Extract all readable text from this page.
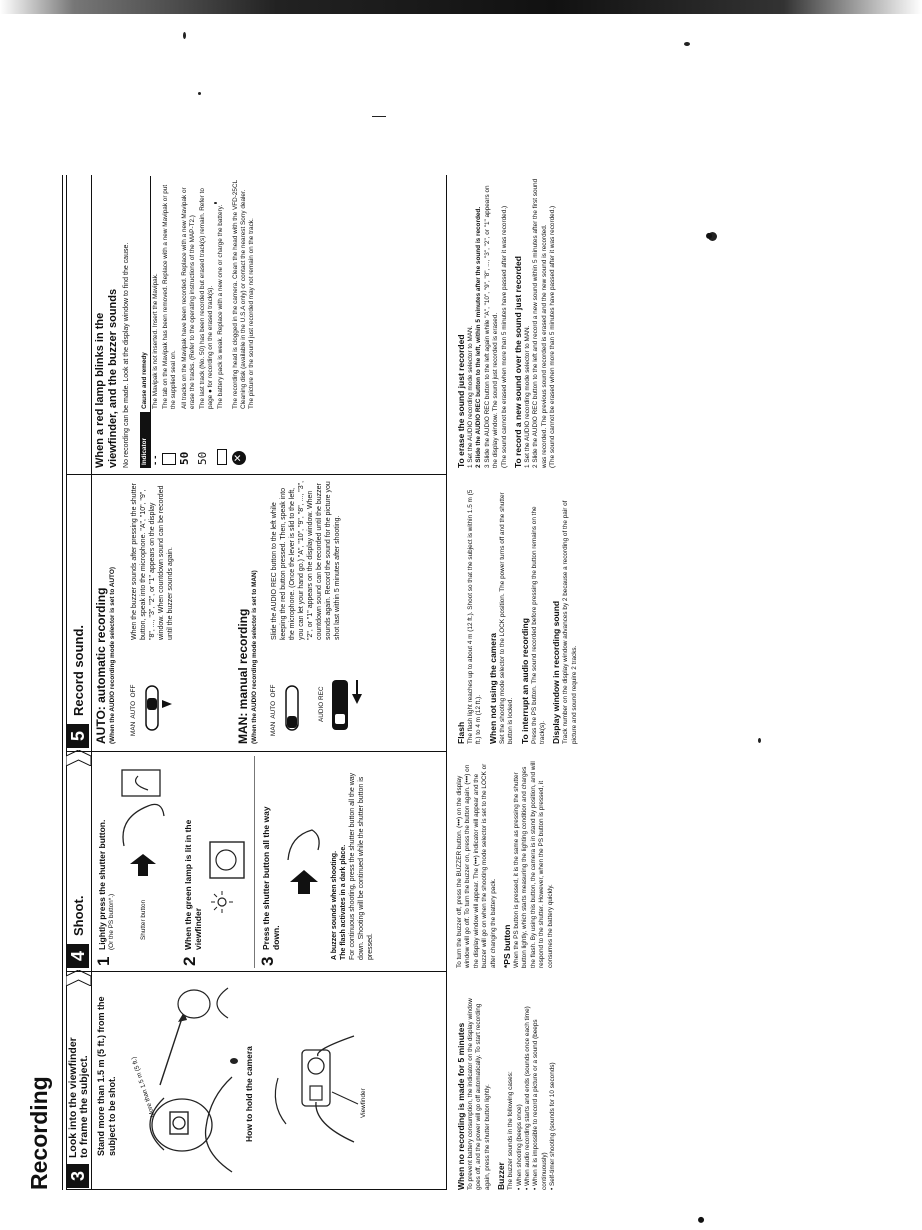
Recording 3
Look into the viewfinder to frame the subject.
4
Shoot.
5
Record sound.
Stand more than 1.5 m (5 ft.) from the subject to be shot. More than 1.5 m (5 ft.)	How to hold the camera	Viewfinder
1
Lightly press the shutter button. (Or the PS button*.)	Shutter button
2
When the green lamp is lit in the viewfinder
3
Press the shutter button all the way down.	A buzzer sounds when shooting. The flash activates in a dark place. For continuous shooting, press the shutter button all the way down. Shooting will be continued while the shutter button is pressed.
AUTO: automatic recording (When the AUDIO recording mode selector is set to AUTO) MAN  AUTO  OFF
When the buzzer sounds after pressing the shutter button, speak into the microphone. "A", "10", "9", "8", ..., "3", "2", or "1" appears on the display window. When countdown sound can be recorded until the buzzer sounds again.
MAN: manual recording (When the AUDIO recording mode selector is set to MAN) MAN  AUTO  OFF	AUDIO REC
Slide the AUDIO REC button to the left while keeping the red button pressed. Then, speak into the microphone. (Once the lever is slid to the left, you can let your hand go.) "A", "10", "9", "8", ..., "3", "2", or "1" appears on the display window. When countdown sound can be recorded until the buzzer sounds again. Record the sound for the picture you shot last within 5 minutes after shooting.
When a red lamp blinks in the viewfinder, and the buzzer sounds No recording can be made. Look at the display window to find the cause. Indicator	Cause and remedy
- -	The Mavipak is not inserted. Insert the Mavipak.
	The tab on the Mavipak has been removed. Replace with a new Mavipak or put the supplied seal on.
50	All tracks on the Mavipak have been recorded. Replace with a new Mavipak or erase the tracks. (Refer to the operating instructions of the MAP-T2.)
50	The last track (No. 50) has been recorded but erased track(s) remain. Refer to page ● for recording on the erased track(s).
	The battery pack is weak. Replace with a new one or charge the battery.
✕	The recording head is clogged in the camera. Clean the head with the VFD-25CL Cleaning disk (available in the U.S.A only) or contact the nearest Sony dealer. The picture or the sound just recorded may not remain on the track.
When no recording is made for 5 minutes To prevent battery consumption, the indicator on the display window goes off, and the power will go off automatically. To start recording again, press the shutter button lightly. Buzzer The buzzer sounds in the following cases: • When shooting (beeps once) • When audio recording starts and ends (sounds once each time) • When it is impossible to record a picture or a sound (beeps continuously) • Self-timer shooting (sounds for 10 seconds)
To turn the buzzer off, press the BUZZER button. (•••) on the display window will go off. To turn the buzzer on, press the button again. (•••) on the display window will appear. The (•••) indicator will appear and the buzzer will go on when the shooting mode selector is set to the LOCK or after changing the battery pack. *PS button When the PS button is pressed, it is the same as pressing the shutter button lightly, which starts measuring the lighting condition and charges the flash. By using this button, the camera is in stand by position, and will respond to the shutter. However, when the PS button is pressed, it consumes the battery quickly.
Flash The flash light reaches up to about 4 m (12 ft.). Shoot so that the subject is within 1.5 m (5 ft.) to 4 m (12 ft.). When not using the camera Set the shooting mode selector to the LOCK position. The power turns off and the shutter button is locked. To interrupt an audio recording Press the PS button. The sound recorded before pressing the button remains on the track(s). Display window in recording sound Track number on the display window advances by 2 because a recording of the pair of picture and sound require 2 tracks.
To erase the sound just recorded 1 Set the AUDIO recording mode selector to MAN. 2 Slide the AUDIO REC button to the left, within 5 minutes after the sound is recorded. 3 Slide the AUDIO REC button to the left again while "A", "10", "9", "8", ..., "3", "2", or "1" appears on the display window. The sound just recorded is erased. (The sound cannot be erased when more than 5 minutes have passed after it was recorded.) To record a new sound over the sound just recorded 1 Set the AUDIO recording mode selector to MAN. 2 Slide the AUDIO REC button to the left and record a new sound within 5 minutes after the first sound was recorded. The previous sound recorded is erased and the new sound is recorded. (The sound cannot be erased when more than 5 minutes have passed after it was recorded.)
●
●
